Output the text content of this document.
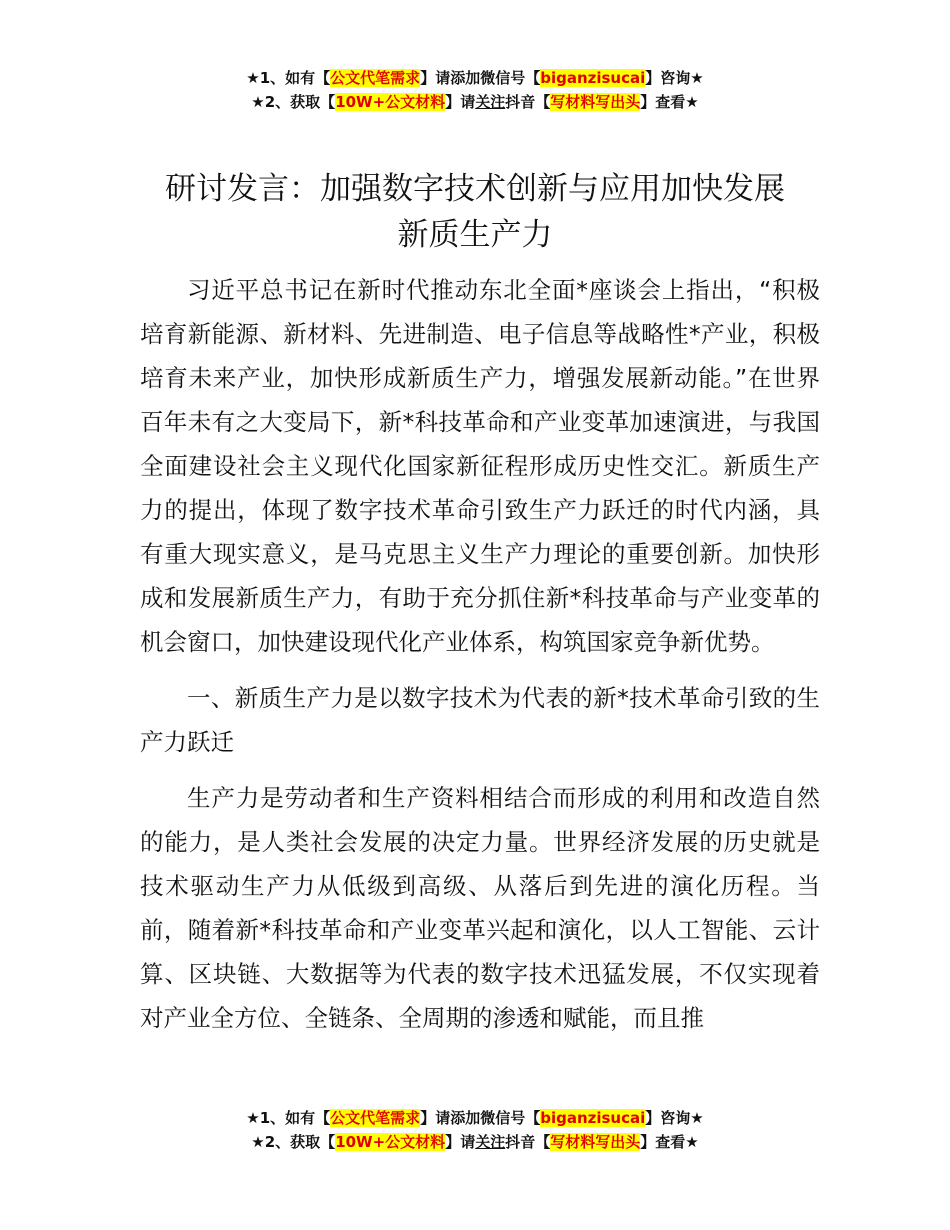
★1、如有【公文代笔需求】请添加微信号【biganzisucai】咨询★
★2、获取【10W+公文材料】请关注抖音【写材料写出头】查看★
研讨发言：加强数字技术创新与应用加快发展
新质生产力

习近平总书记在新时代推动东北全面*座谈会上指出，“积极培育新能源、新材料、先进制造、电子信息等战略性*产业，积极培育未来产业，加快形成新质生产力，增强发展新动能。”在世界百年未有之大变局下，新*科技革命和产业变革加速演进，与我国全面建设社会主义现代化国家新征程形成历史性交汇。新质生产力的提出，体现了数字技术革命引致生产力跃迁的时代内涵，具有重大现实意义，是马克思主义生产力理论的重要创新。加快形成和发展新质生产力，有助于充分抓住新*科技革命与产业变革的机会窗口，加快建设现代化产业体系，构筑国家竞争新优势。

一、新质生产力是以数字技术为代表的新*技术革命引致的生产力跃迁

生产力是劳动者和生产资料相结合而形成的利用和改造自然的能力，是人类社会发展的决定力量。世界经济发展的历史就是技术驱动生产力从低级到高级、从落后到先进的演化历程。当前，随着新*科技革命和产业变革兴起和演化，以人工智能、云计算、区块链、大数据等为代表的数字技术迅猛发展，不仅实现着对产业全方位、全链条、全周期的渗透和赋能，而且推

★1、如有【公文代笔需求】请添加微信号【biganzisucai】咨询★
★2、获取【10W+公文材料】请关注抖音【写材料写出头】查看★
